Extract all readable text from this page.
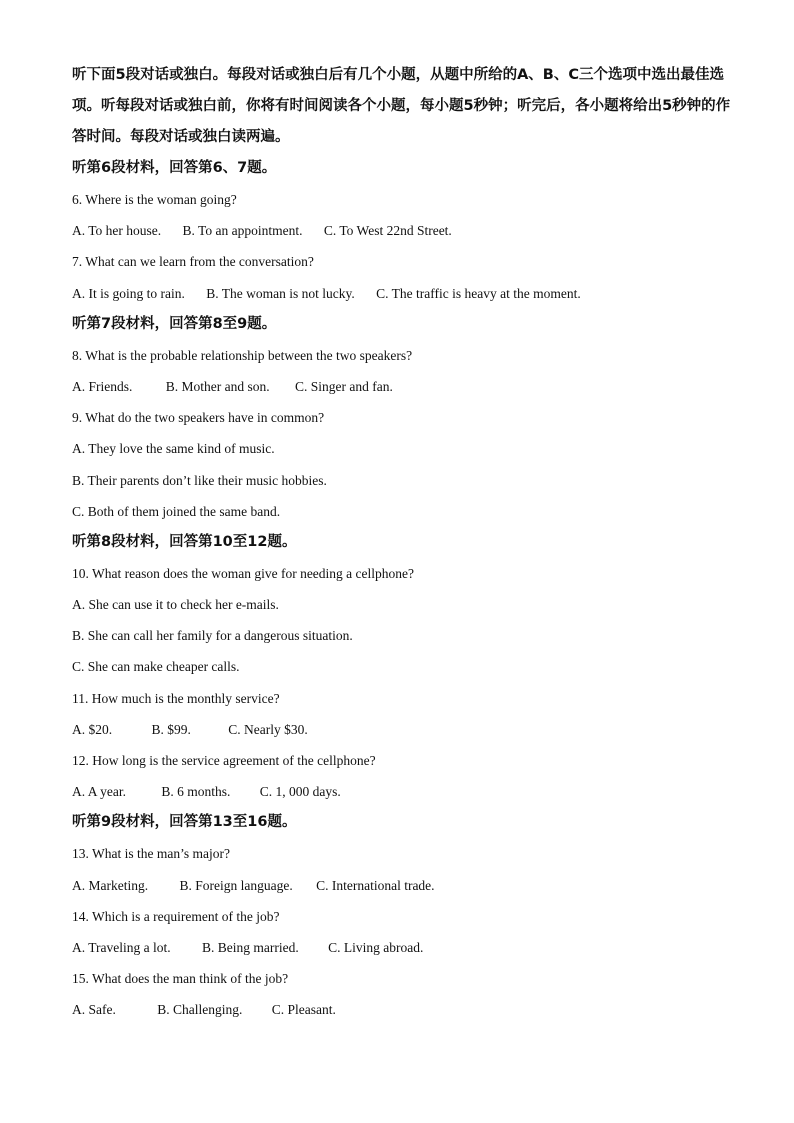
听下面5段对话或独白。每段对话或独白后有几个小题，从题中所给的A、B、C三个选项中选出最佳选项。听每段对话或独白前，你将有时间阅读各个小题，每小题5秒钟；听完后，各小题将给出5秒钟的作答时间。每段对话或独白读两遍。

听第6段材料，回答第6、7题。

6. Where is the woman going?

A. To her house. B. To an appointment. C. To West 22nd Street.

7. What can we learn from the conversation?

A. It is going to rain. B. The woman is not lucky. C. The traffic is heavy at the moment.

听第7段材料，回答第8至9题。

8. What is the probable relationship between the two speakers?

A. Friends. B. Mother and son. C. Singer and fan.

9. What do the two speakers have in common?

A. They love the same kind of music.

B. Their parents don’t like their music hobbies.

C. Both of them joined the same band.

听第8段材料，回答第10至12题。

10. What reason does the woman give for needing a cellphone?

A. She can use it to check her e-mails.

B. She can call her family for a dangerous situation.

C. She can make cheaper calls.

11. How much is the monthly service?

A. $20.	B. $99.	C. Nearly $30.

12. How long is the service agreement of the cellphone?

A. A year.	B. 6 months. C. 1, 000 days.

听第9段材料，回答第13至16题。

13. What is the man’s major?

A. Marketing. B. Foreign language. C. International trade.

14. Which is a requirement of the job?

A. Traveling a lot. B. Being married. C. Living abroad.

15. What does the man think of the job?

A. Safe.	B. Challenging. C. Pleasant.
